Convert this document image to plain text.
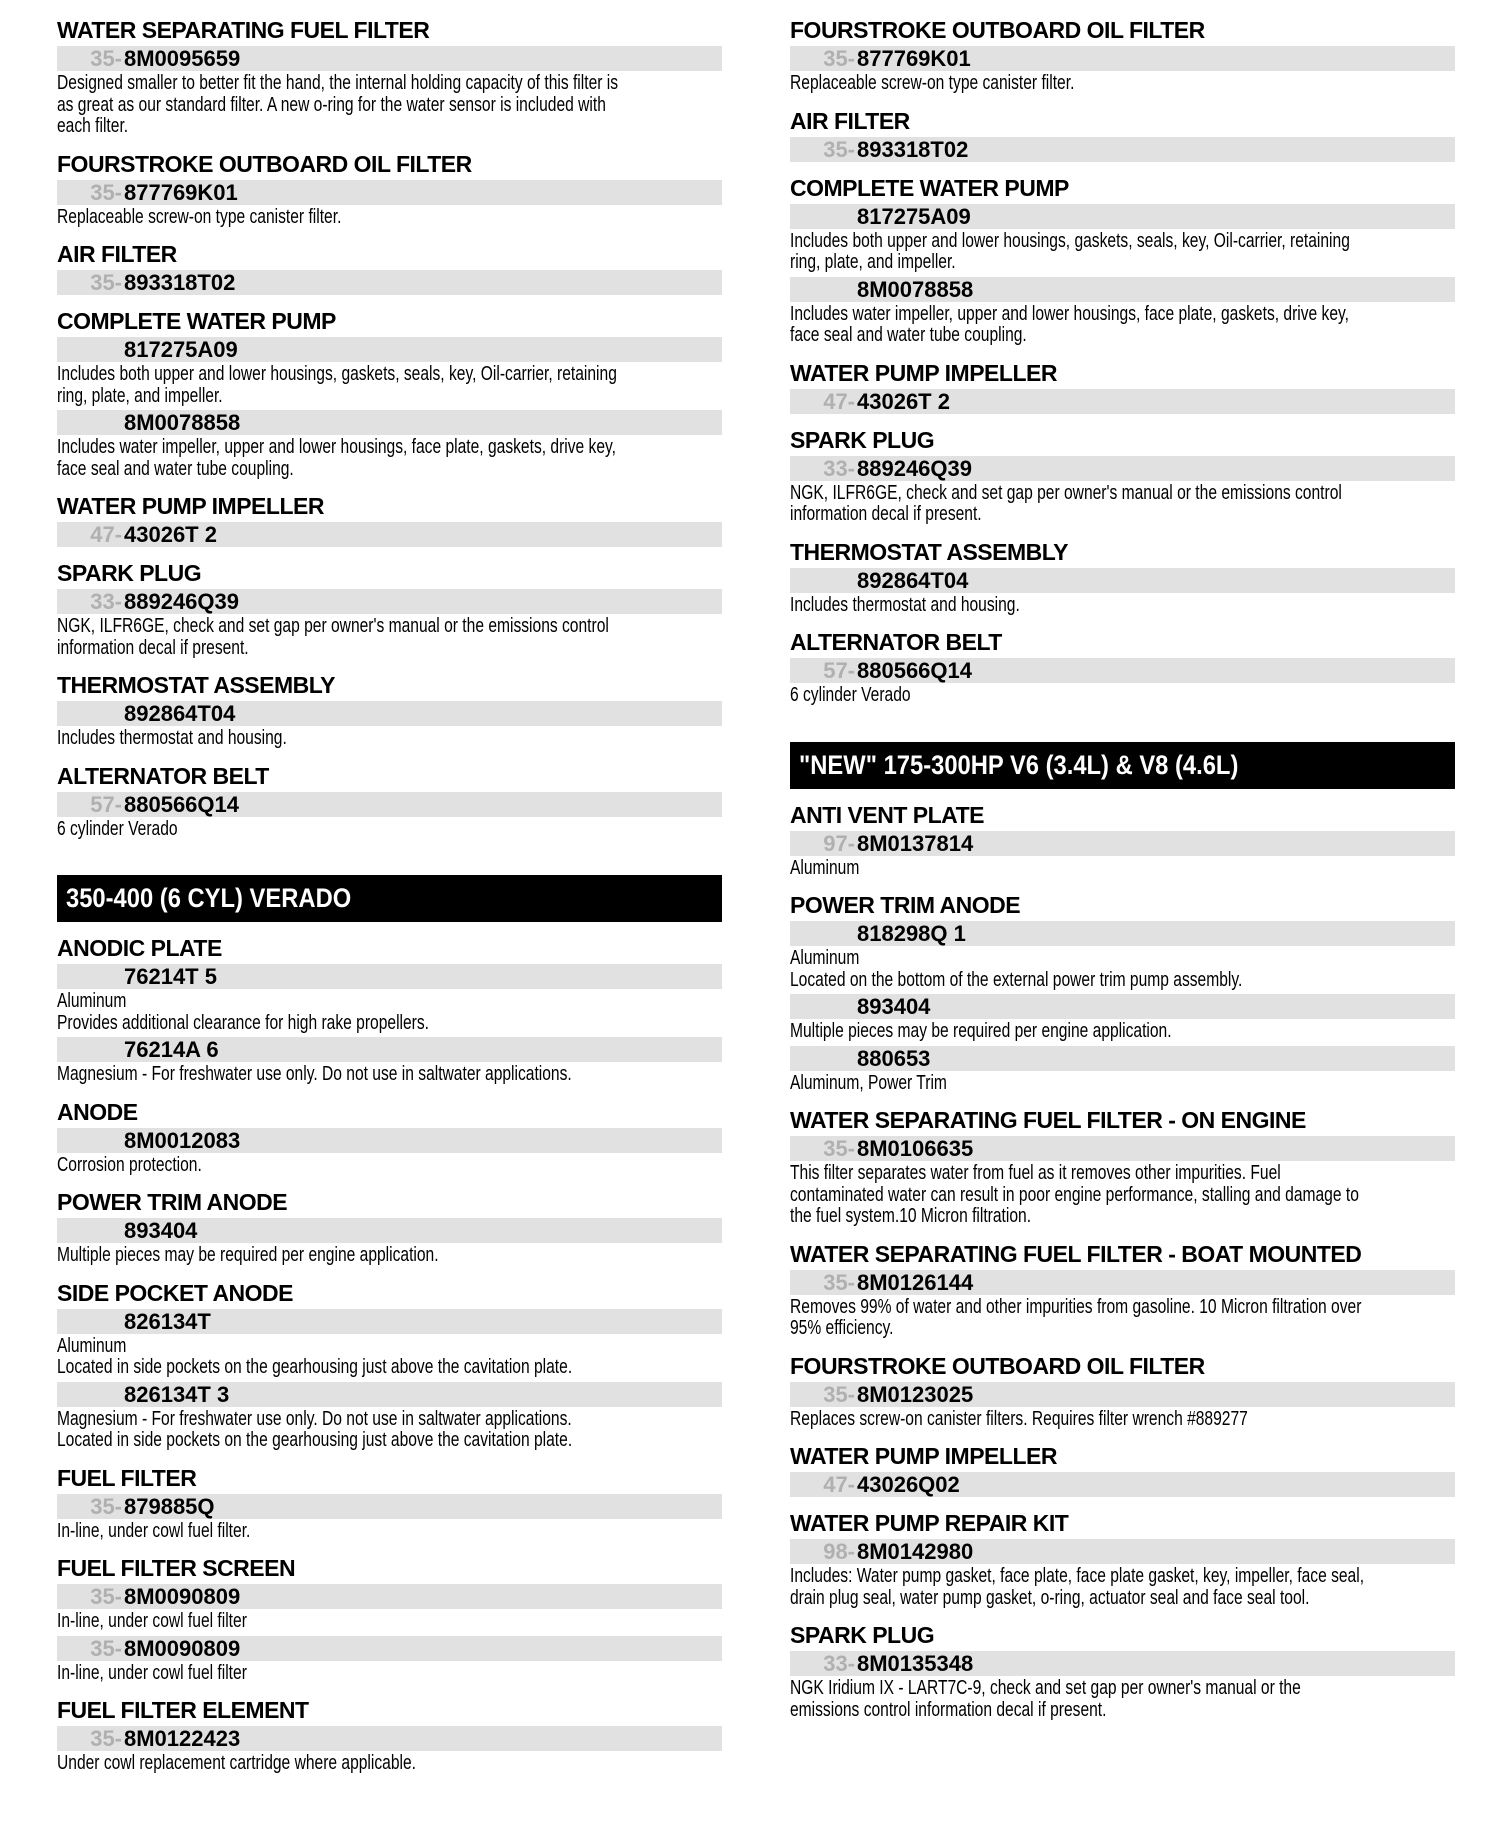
WATER SEPARATING FUEL FILTER
35-8M0095659
Designed smaller to better fit the hand, the internal holding capacity of this filter is
as great as our standard filter. A new o-ring for the water sensor is included with
each filter.
FOURSTROKE OUTBOARD OIL FILTER
35-877769K01
Replaceable screw-on type canister filter.
AIR FILTER
35-893318T02
COMPLETE WATER PUMP
817275A09
Includes both upper and lower housings, gaskets, seals, key, Oil-carrier, retaining
ring, plate, and impeller.
8M0078858
Includes water impeller, upper and lower housings, face plate, gaskets, drive key,
face seal and water tube coupling.
WATER PUMP IMPELLER
47-43026T 2
SPARK PLUG
33-889246Q39
NGK, ILFR6GE, check and set gap per owner's manual or the emissions control
information decal if present.
THERMOSTAT ASSEMBLY
892864T04
Includes thermostat and housing.
ALTERNATOR BELT
57-880566Q14
6 cylinder Verado
350-400 (6 CYL) VERADO
ANODIC PLATE
76214T 5
Aluminum
Provides additional clearance for high rake propellers.
76214A 6
Magnesium - For freshwater use only. Do not use in saltwater applications.
ANODE
8M0012083
Corrosion protection.
POWER TRIM ANODE
893404
Multiple pieces may be required per engine application.
SIDE POCKET ANODE
826134T
Aluminum
Located in side pockets on the gearhousing just above the cavitation plate.
826134T 3
Magnesium - For freshwater use only. Do not use in saltwater applications.
Located in side pockets on the gearhousing just above the cavitation plate.
FUEL FILTER
35-879885Q
In-line, under cowl fuel filter.
FUEL FILTER SCREEN
35-8M0090809
In-line, under cowl fuel filter
35-8M0090809
In-line, under cowl fuel filter
FUEL FILTER ELEMENT
35-8M0122423
Under cowl replacement cartridge where applicable.
FOURSTROKE OUTBOARD OIL FILTER
35-877769K01
Replaceable screw-on type canister filter.
AIR FILTER
35-893318T02
COMPLETE WATER PUMP
817275A09
Includes both upper and lower housings, gaskets, seals, key, Oil-carrier, retaining
ring, plate, and impeller.
8M0078858
Includes water impeller, upper and lower housings, face plate, gaskets, drive key,
face seal and water tube coupling.
WATER PUMP IMPELLER
47-43026T 2
SPARK PLUG
33-889246Q39
NGK, ILFR6GE, check and set gap per owner's manual or the emissions control
information decal if present.
THERMOSTAT ASSEMBLY
892864T04
Includes thermostat and housing.
ALTERNATOR BELT
57-880566Q14
6 cylinder Verado
"NEW" 175-300HP V6 (3.4L) & V8 (4.6L)
ANTI VENT PLATE
97-8M0137814
Aluminum
POWER TRIM ANODE
818298Q 1
Aluminum
Located on the bottom of the external power trim pump assembly.
893404
Multiple pieces may be required per engine application.
880653
Aluminum, Power Trim
WATER SEPARATING FUEL FILTER - ON ENGINE
35-8M0106635
This filter separates water from fuel as it removes other impurities. Fuel
contaminated water can result in poor engine performance, stalling and damage to
the fuel system.10 Micron filtration.
WATER SEPARATING FUEL FILTER - BOAT MOUNTED
35-8M0126144
Removes 99% of water and other impurities from gasoline. 10 Micron filtration over
95% efficiency.
FOURSTROKE OUTBOARD OIL FILTER
35-8M0123025
Replaces screw-on canister filters. Requires filter wrench #889277
WATER PUMP IMPELLER
47-43026Q02
WATER PUMP REPAIR KIT
98-8M0142980
Includes: Water pump gasket, face plate, face plate gasket, key, impeller, face seal,
drain plug seal, water pump gasket, o-ring, actuator seal and face seal tool.
SPARK PLUG
33-8M0135348
NGK Iridium IX - LART7C-9, check and set gap per owner's manual or the
emissions control information decal if present.
